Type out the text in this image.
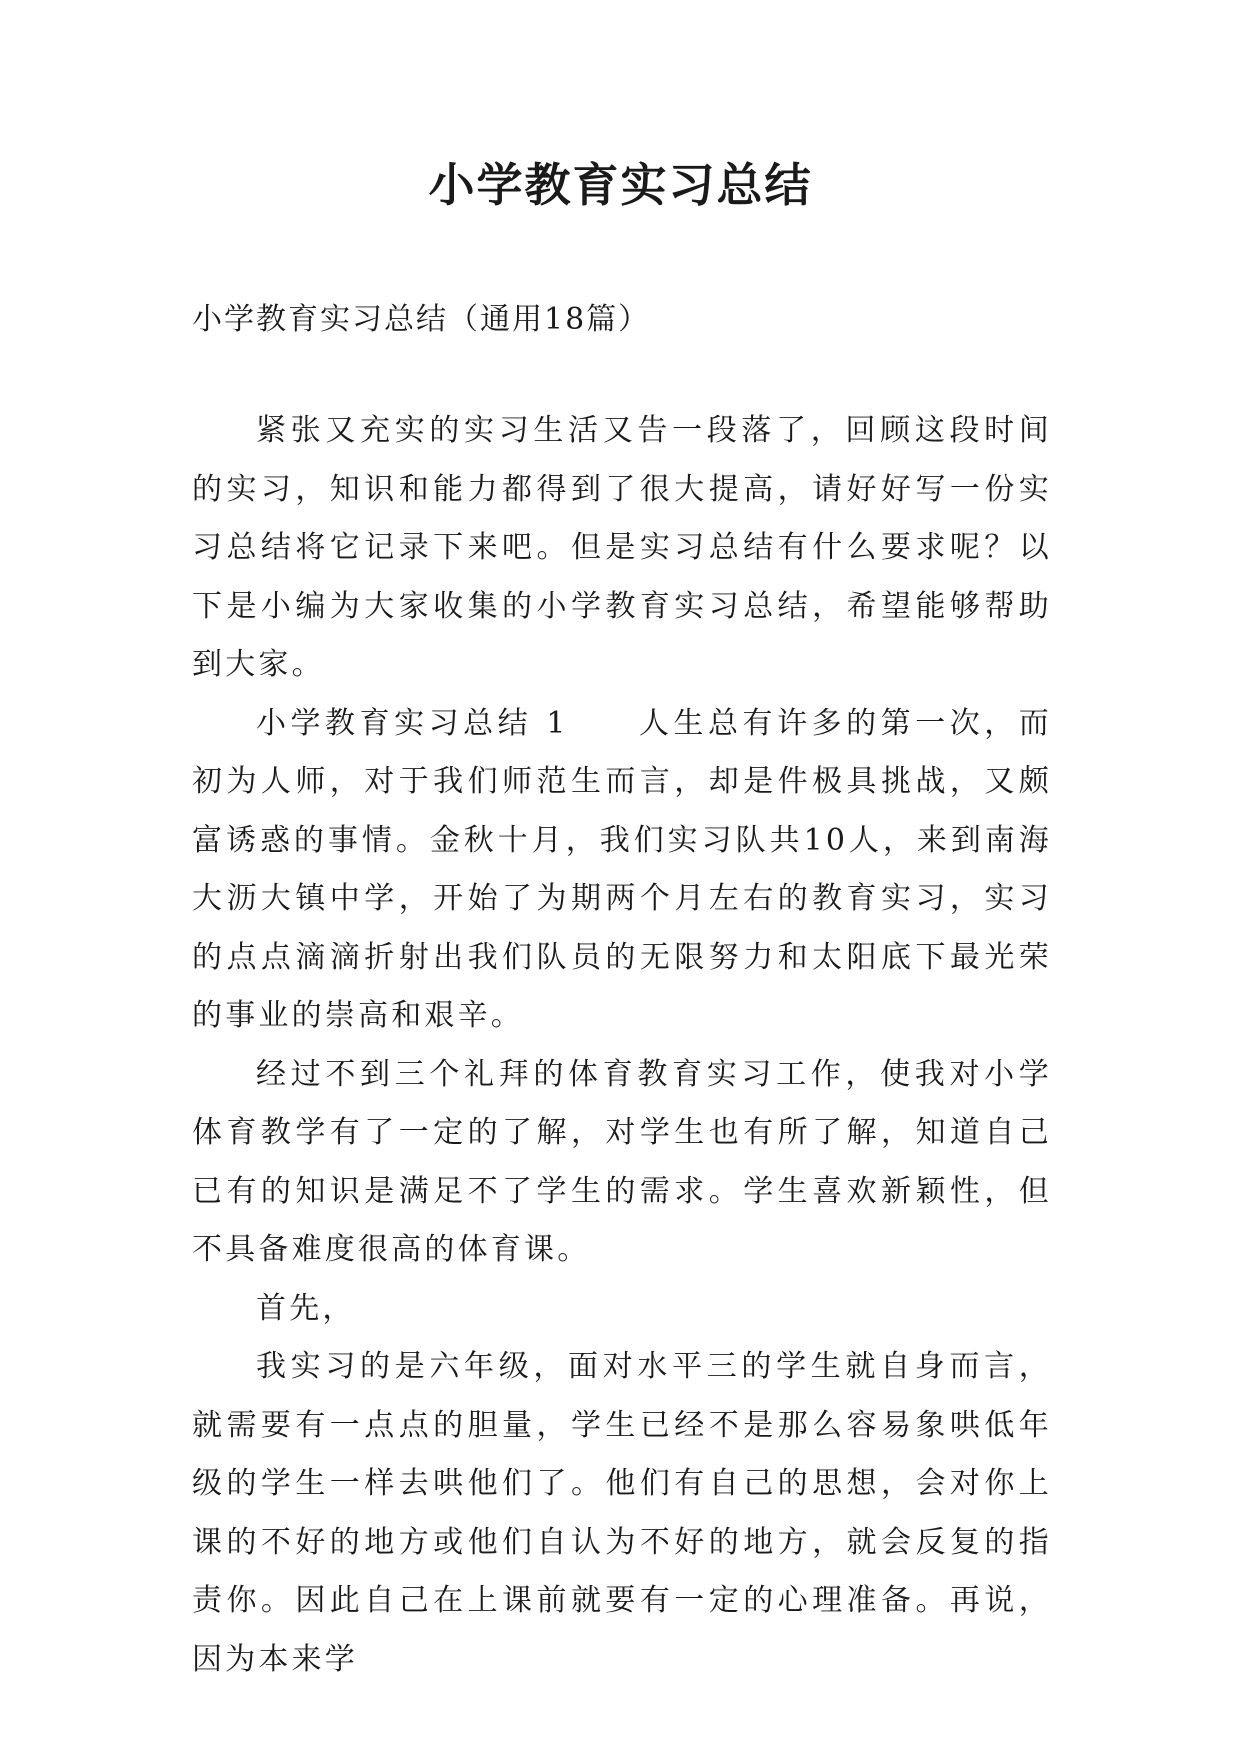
小学教育实习总结

小学教育实习总结（通用18篇）

紧张又充实的实习生活又告一段落了，回顾这段时间的实习，知识和能力都得到了很大提高，请好好写一份实习总结将它记录下来吧。但是实习总结有什么要求呢？以下是小编为大家收集的小学教育实习总结，希望能够帮助到大家。

小学教育实习总结 1　　人生总有许多的第一次，而初为人师，对于我们师范生而言，却是件极具挑战，又颇富诱惑的事情。金秋十月，我们实习队共10人，来到南海大沥大镇中学，开始了为期两个月左右的教育实习，实习的点点滴滴折射出我们队员的无限努力和太阳底下最光荣的事业的崇高和艰辛。

经过不到三个礼拜的体育教育实习工作，使我对小学体育教学有了一定的了解，对学生也有所了解，知道自己已有的知识是满足不了学生的需求。学生喜欢新颖性，但不具备难度很高的体育课。

首先，

我实习的是六年级，面对水平三的学生就自身而言，就需要有一点点的胆量，学生已经不是那么容易象哄低年级的学生一样去哄他们了。他们有自己的思想，会对你上课的不好的地方或他们自认为不好的地方，就会反复的指责你。因此自己在上课前就要有一定的心理准备。再说，因为本来学
